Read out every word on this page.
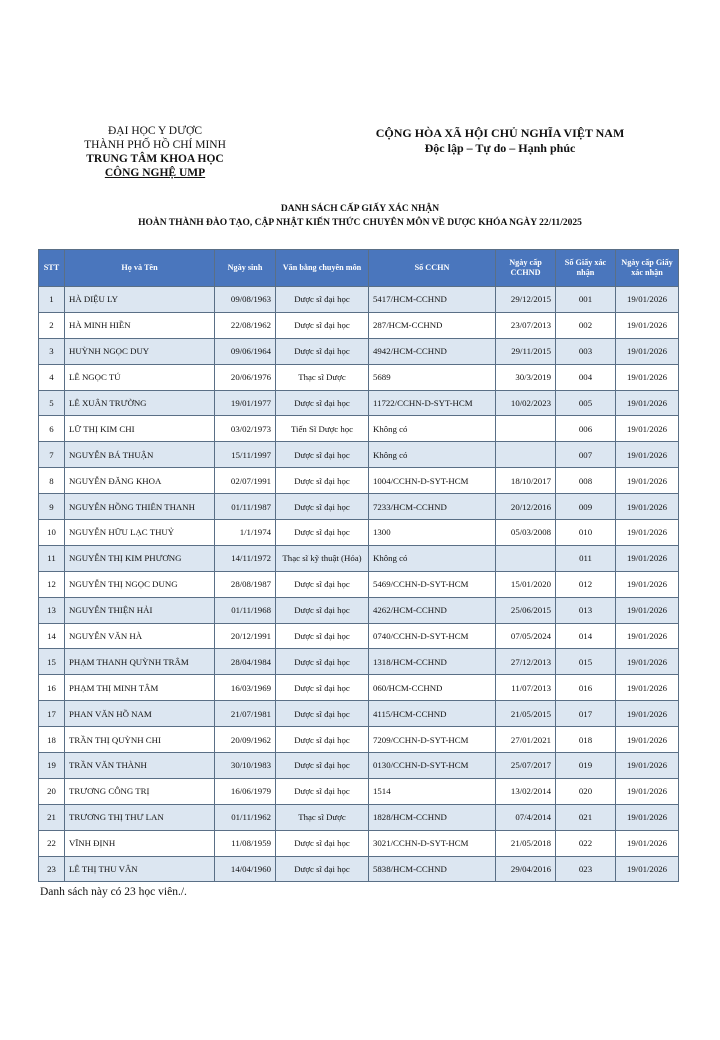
ĐẠI HỌC Y DƯỢC
THÀNH PHỐ HỒ CHÍ MINH
TRUNG TÂM KHOA HỌC
CÔNG NGHỆ UMP
CỘNG HÒA XÃ HỘI CHỦ NGHĨA VIỆT NAM
Độc lập – Tự do – Hạnh phúc
DANH SÁCH CẤP GIẤY XÁC NHẬN
HOÀN THÀNH ĐÀO TẠO, CẬP NHẬT KIẾN THỨC CHUYÊN MÔN VỀ DƯỢC KHÓA NGÀY 22/11/2025
STT	Họ và Tên	Ngày sinh	Văn bằng chuyên môn	Số CCHN	Ngày cấp CCHND	Số Giấy xác nhận	Ngày cấp Giấy xác nhận
1	HÀ DIỆU LY	09/08/1963	Dược sĩ đại học	5417/HCM-CCHND	29/12/2015	001	19/01/2026
2	HÀ MINH HIỀN	22/08/1962	Dược sĩ đại học	287/HCM-CCHND	23/07/2013	002	19/01/2026
3	HUỲNH NGỌC DUY	09/06/1964	Dược sĩ đại học	4942/HCM-CCHND	29/11/2015	003	19/01/2026
4	LÊ NGỌC TÚ	20/06/1976	Thạc sĩ Dược	5689	30/3/2019	004	19/01/2026
5	LÊ XUÂN TRƯỜNG	19/01/1977	Dược sĩ đại học	11722/CCHN-D-SYT-HCM	10/02/2023	005	19/01/2026
6	LỮ THỊ KIM CHI	03/02/1973	Tiến Sĩ Dược học	Không có		006	19/01/2026
7	NGUYỄN BÁ THUẬN	15/11/1997	Dược sĩ đại học	Không có		007	19/01/2026
8	NGUYỄN ĐĂNG KHOA	02/07/1991	Dược sĩ đại học	1004/CCHN-D-SYT-HCM	18/10/2017	008	19/01/2026
9	NGUYỄN HỒNG THIÊN THANH	01/11/1987	Dược sĩ đại học	7233/HCM-CCHND	20/12/2016	009	19/01/2026
10	NGUYỄN HỮU LẠC THUỶ	1/1/1974	Dược sĩ đại học	1300	05/03/2008	010	19/01/2026
11	NGUYỄN THỊ KIM PHƯƠNG	14/11/1972	Thạc sĩ kỹ thuật (Hóa)	Không có		011	19/01/2026
12	NGUYỄN THỊ NGỌC DUNG	28/08/1987	Dược sĩ đại học	5469/CCHN-D-SYT-HCM	15/01/2020	012	19/01/2026
13	NGUYỄN THIỆN HẢI	01/11/1968	Dược sĩ đại học	4262/HCM-CCHND	25/06/2015	013	19/01/2026
14	NGUYỄN VĂN HÀ	20/12/1991	Dược sĩ đại học	0740/CCHN-D-SYT-HCM	07/05/2024	014	19/01/2026
15	PHẠM THANH QUỲNH TRÂM	28/04/1984	Dược sĩ đại học	1318/HCM-CCHND	27/12/2013	015	19/01/2026
16	PHẠM THỊ MINH TÂM	16/03/1969	Dược sĩ đại học	060/HCM-CCHND	11/07/2013	016	19/01/2026
17	PHAN VĂN HỒ NAM	21/07/1981	Dược sĩ đại học	4115/HCM-CCHND	21/05/2015	017	19/01/2026
18	TRẦN THỊ QUỲNH CHI	20/09/1962	Dược sĩ đại học	7209/CCHN-D-SYT-HCM	27/01/2021	018	19/01/2026
19	TRẦN VĂN THÀNH	30/10/1983	Dược sĩ đại học	0130/CCHN-D-SYT-HCM	25/07/2017	019	19/01/2026
20	TRƯƠNG CÔNG TRỊ	16/06/1979	Dược sĩ đại học	1514	13/02/2014	020	19/01/2026
21	TRƯƠNG THỊ THƯ LAN	01/11/1962	Thạc sĩ Dược	1828/HCM-CCHND	07/4/2014	021	19/01/2026
22	VĨNH ĐỊNH	11/08/1959	Dược sĩ đại học	3021/CCHN-D-SYT-HCM	21/05/2018	022	19/01/2026
23	LÊ THỊ THU VÂN	14/04/1960	Dược sĩ đại học	5838/HCM-CCHND	29/04/2016	023	19/01/2026
Danh sách này có 23 học viên./.
